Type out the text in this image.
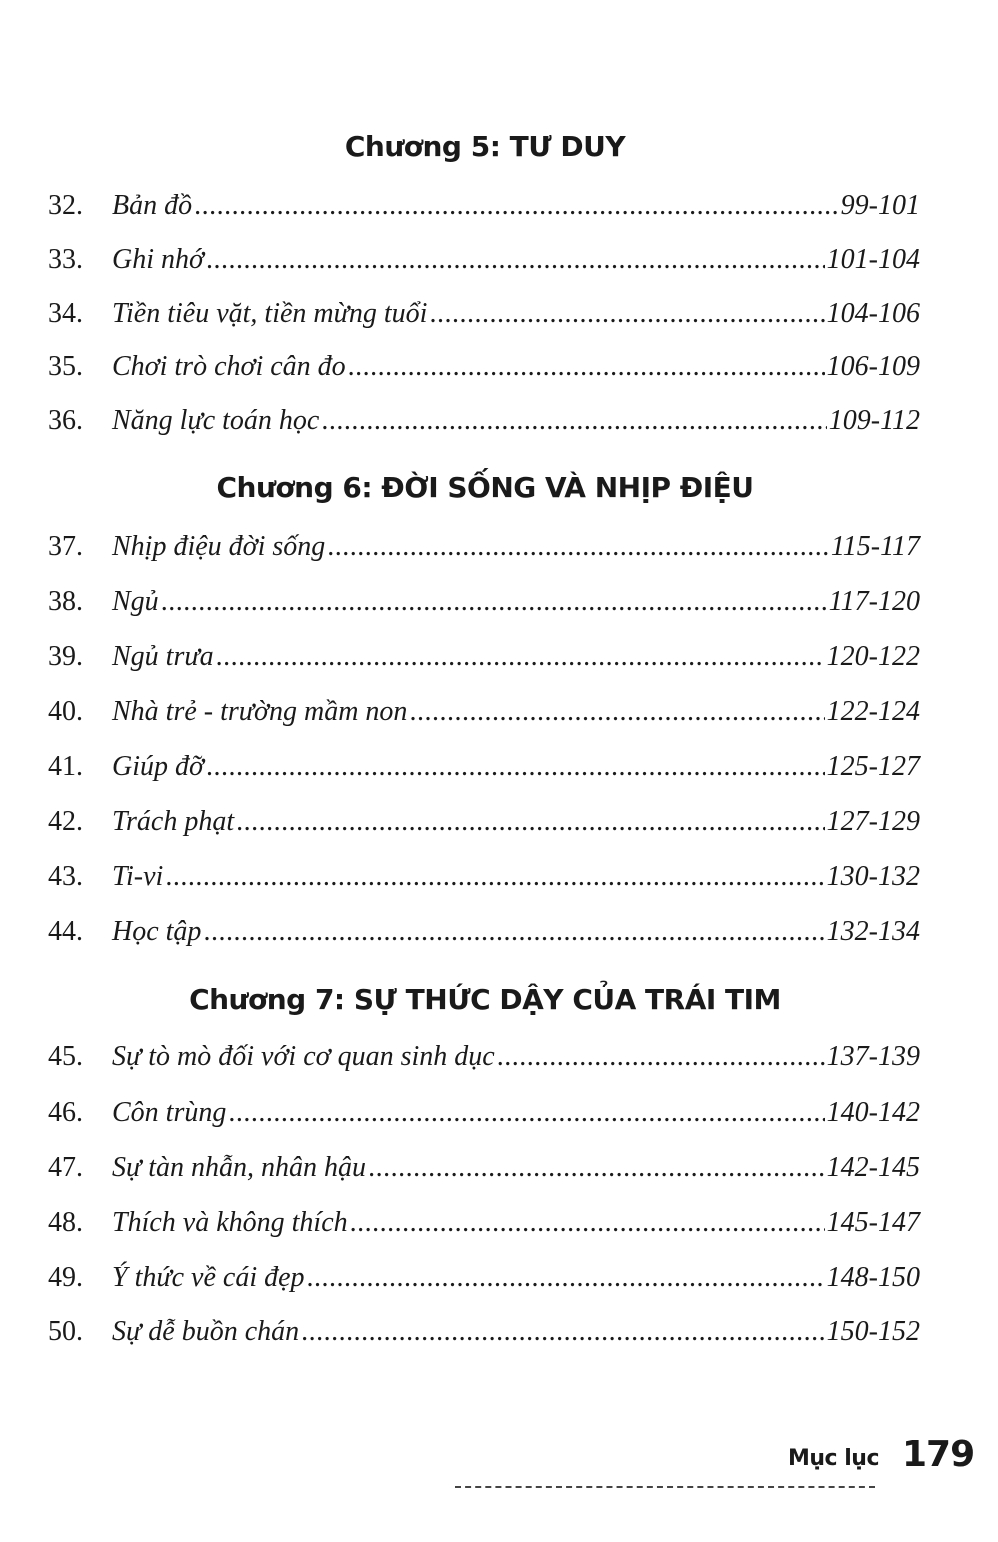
Chương 5: TƯ DUY
32.	Bản đồ .....	99-101
33.	Ghi nhớ .....	101-104
34.	Tiền tiêu vặt, tiền mừng tuổi .....	104-106
35.	Chơi trò chơi cân đo .....	106-109
36.	Năng lực toán học .....	109-112
Chương 6: ĐỜI SỐNG VÀ NHỊP ĐIỆU
37.	Nhịp điệu đời sống .....	115-117
38.	Ngủ .....	117-120
39.	Ngủ trưa .....	120-122
40.	Nhà trẻ - trường mầm non .....	122-124
41.	Giúp đỡ .....	125-127
42.	Trách phạt .....	127-129
43.	Ti-vi .....	130-132
44.	Học tập .....	132-134
Chương 7: SỰ THỨC DẬY CỦA TRÁI TIM
45.	Sự tò mò đối với cơ quan sinh dục .....	137-139
46.	Côn trùng .....	140-142
47.	Sự tàn nhẫn, nhân hậu .....	142-145
48.	Thích và không thích .....	145-147
49.	Ý thức về cái đẹp .....	148-150
50.	Sự dễ buồn chán .....	150-152
Mục lục 179
